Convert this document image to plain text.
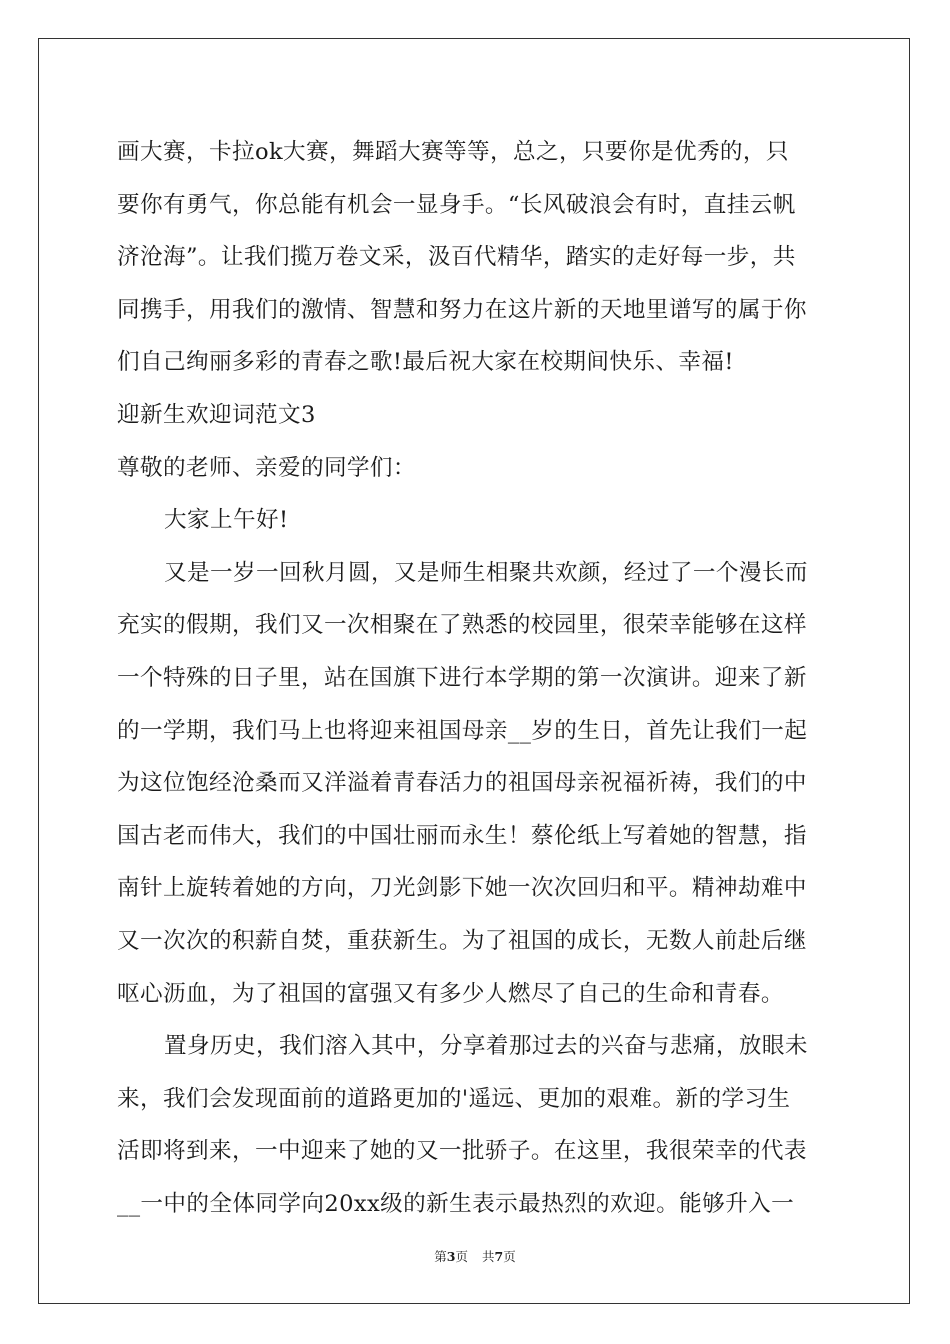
画大赛，卡拉ok大赛，舞蹈大赛等等，总之，只要你是优秀的，只
要你有勇气，你总能有机会一显身手。“长风破浪会有时，直挂云帆
济沧海”。让我们揽万卷文采，汲百代精华，踏实的走好每一步，共
同携手，用我们的激情、智慧和努力在这片新的天地里谱写的属于你
们自己绚丽多彩的青春之歌!最后祝大家在校期间快乐、幸福!
迎新生欢迎词范文3
尊敬的老师、亲爱的同学们：
大家上午好!
又是一岁一回秋月圆，又是师生相聚共欢颜，经过了一个漫长而
充实的假期，我们又一次相聚在了熟悉的校园里，很荣幸能够在这样
一个特殊的日子里，站在国旗下进行本学期的第一次演讲。迎来了新
的一学期，我们马上也将迎来祖国母亲__岁的生日，首先让我们一起
为这位饱经沧桑而又洋溢着青春活力的祖国母亲祝福祈祷，我们的中
国古老而伟大，我们的中国壮丽而永生！蔡伦纸上写着她的智慧，指
南针上旋转着她的方向，刀光剑影下她一次次回归和平。精神劫难中
又一次次的积薪自焚，重获新生。为了祖国的成长，无数人前赴后继
呕心沥血，为了祖国的富强又有多少人燃尽了自己的生命和青春。
置身历史，我们溶入其中，分享着那过去的兴奋与悲痛，放眼未
来，我们会发现面前的道路更加的'遥远、更加的艰难。新的学习生
活即将到来，一中迎来了她的又一批骄子。在这里，我很荣幸的代表
__一中的全体同学向20xx级的新生表示最热烈的欢迎。能够升入一
第3页 共7页
